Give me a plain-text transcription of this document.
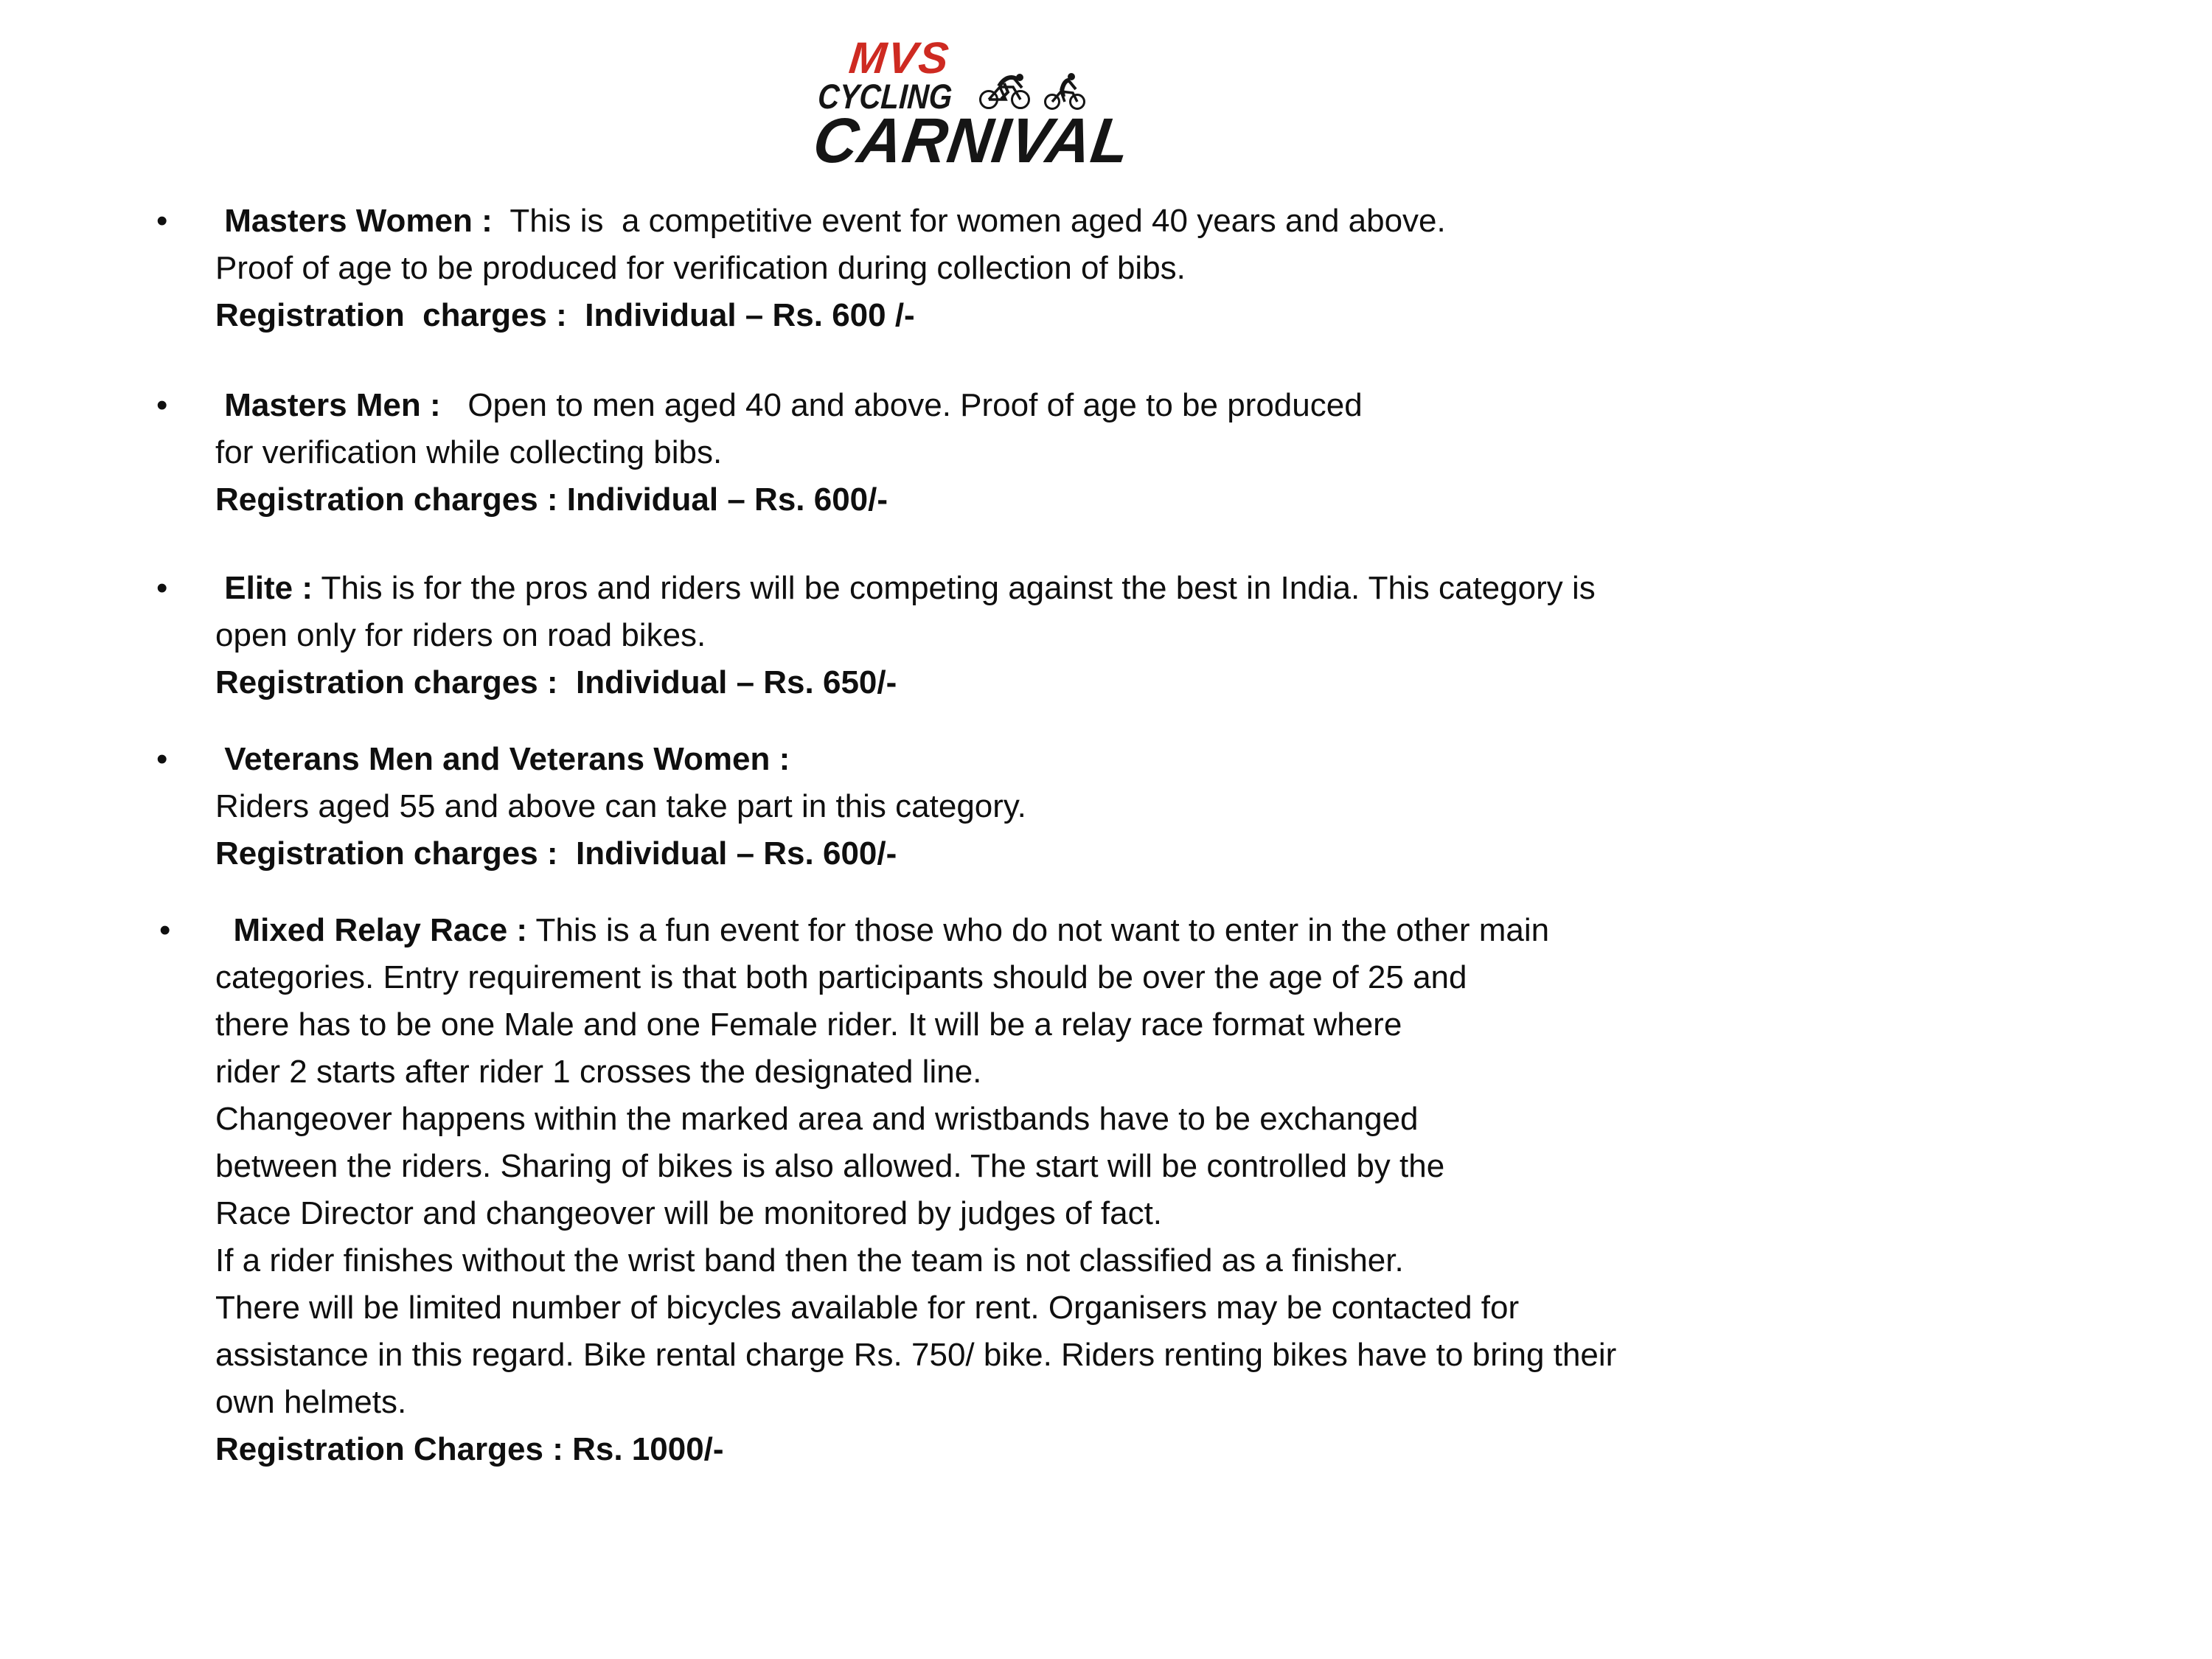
MVS
CYCLING
CARNIVAL
•  Masters Women :  This is  a competitive event for women aged 40 years and above.
Proof of age to be produced for verification during collection of bibs.
Registration  charges :  Individual – Rs. 600 /-
•  Masters Men :   Open to men aged 40 and above. Proof of age to be produced
for verification while collecting bibs.
Registration charges : Individual – Rs. 600/-
•  Elite : This is for the pros and riders will be competing against the best in India. This category is
open only for riders on road bikes.
Registration charges :  Individual – Rs. 650/-
•  Veterans Men and Veterans Women :
Riders aged 55 and above can take part in this category.
Registration charges :  Individual – Rs. 600/-
•   Mixed Relay Race : This is a fun event for those who do not want to enter in the other main
categories. Entry requirement is that both participants should be over the age of 25 and
there has to be one Male and one Female rider. It will be a relay race format where
rider 2 starts after rider 1 crosses the designated line.
Changeover happens within the marked area and wristbands have to be exchanged
between the riders. Sharing of bikes is also allowed. The start will be controlled by the
Race Director and changeover will be monitored by judges of fact.
If a rider finishes without the wrist band then the team is not classified as a finisher.
There will be limited number of bicycles available for rent. Organisers may be contacted for
assistance in this regard. Bike rental charge Rs. 750/ bike. Riders renting bikes have to bring their
own helmets.
Registration Charges : Rs. 1000/-
